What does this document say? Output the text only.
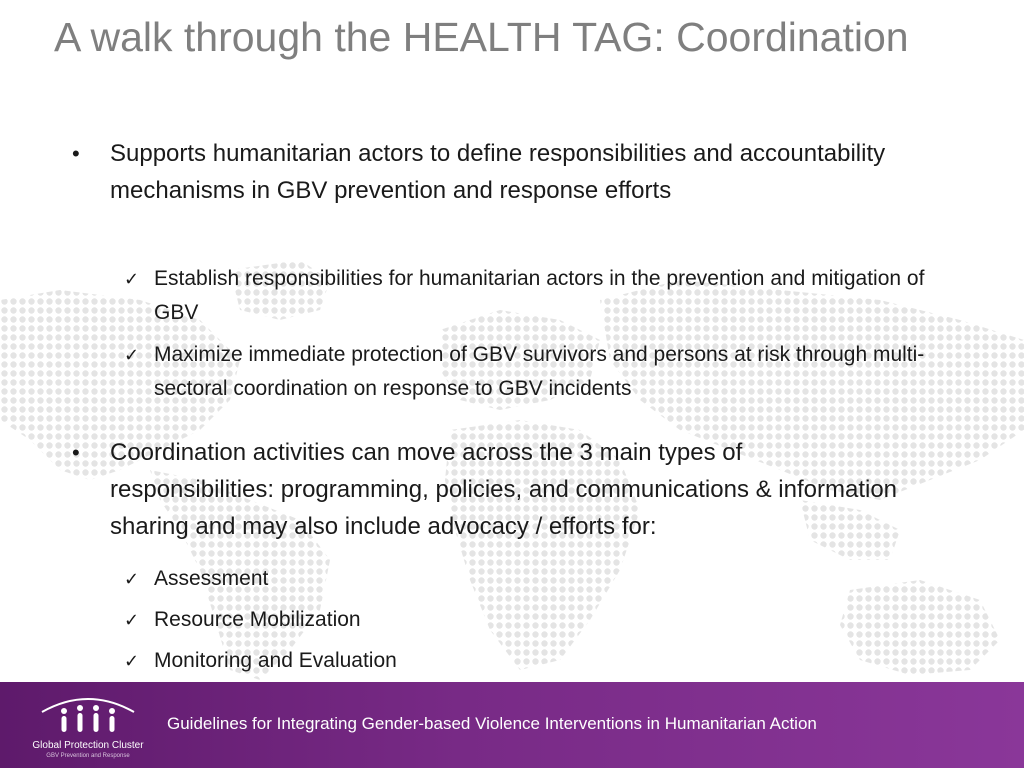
A walk through the HEALTH TAG: Coordination
• Supports humanitarian actors to define responsibilities and accountability mechanisms in GBV prevention and response efforts
✓ Establish responsibilities for humanitarian actors in the prevention and mitigation of GBV
✓ Maximize immediate protection of GBV survivors and persons at risk through multi-sectoral coordination on response to GBV incidents
• Coordination activities can move across the 3 main types of responsibilities: programming, policies, and communications & information sharing and may also include advocacy / efforts for:
✓ Assessment
✓ Resource Mobilization
✓ Monitoring and Evaluation
Global Protection Cluster
GBV Prevention and Response
Guidelines for Integrating Gender-based Violence Interventions in Humanitarian Action
